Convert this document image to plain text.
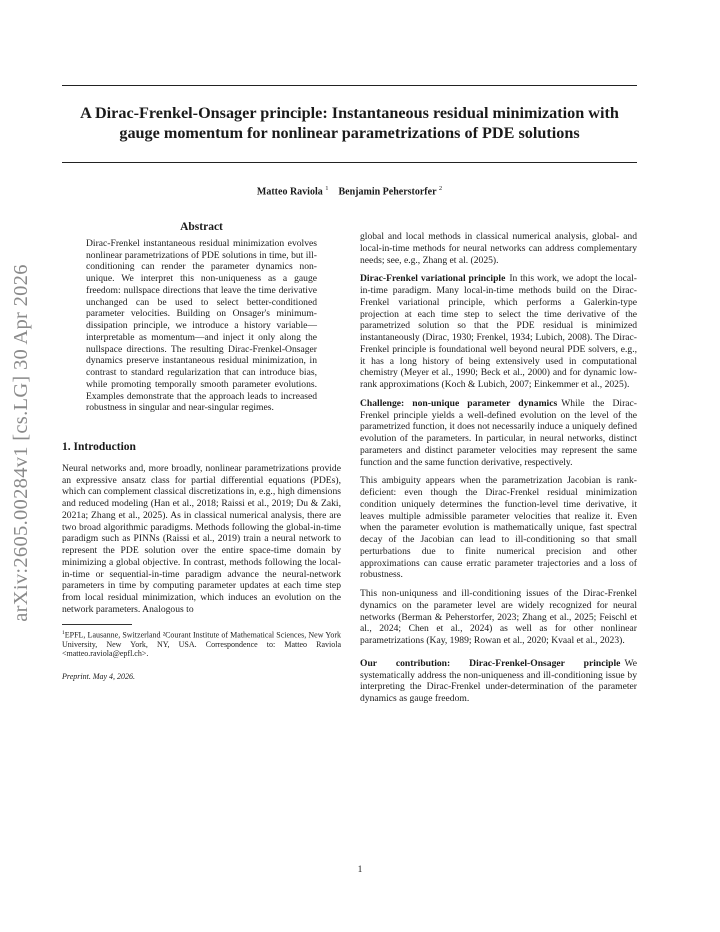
A Dirac-Frenkel-Onsager principle: Instantaneous residual minimization with gauge momentum for nonlinear parametrizations of PDE solutions
Matteo Raviola $^1$ Benjamin Peherstorfer $^2$
arXiv:2605.00284v1 [cs.LG] 30 Apr 2026
Abstract

Dirac-Frenkel instantaneous residual minimization evolves nonlinear parametrizations of PDE solutions in time, but ill-conditioning can render the parameter dynamics non-unique. We interpret this non-uniqueness as a gauge freedom: nullspace directions that leave the time derivative unchanged can be used to select better-conditioned parameter velocities. Building on Onsager's minimum-dissipation principle, we introduce a history variable—interpretable as momentum—and inject it only along the nullspace directions. The resulting Dirac-Frenkel-Onsager dynamics preserve instantaneous residual minimization, in contrast to standard regularization that can introduce bias, while promoting temporally smooth parameter evolutions. Examples demonstrate that the approach leads to increased robustness in singular and near-singular regimes.

1. Introduction

Neural networks and, more broadly, nonlinear parametrizations provide an expressive ansatz class for partial differential equations (PDEs), which can complement classical discretizations in, e.g., high dimensions and reduced modeling (Han et al., 2018; Raissi et al., 2019; Du & Zaki, 2021a; Zhang et al., 2025). As in classical numerical analysis, there are two broad algorithmic paradigms. Methods following the global-in-time paradigm such as PINNs (Raissi et al., 2019) train a neural network to represent the PDE solution over the entire space-time domain by minimizing a global objective. In contrast, methods following the local-in-time or sequential-in-time paradigm advance the neural-network parameters in time by computing parameter updates at each time step from local residual minimization, which induces an evolution on the network parameters. Analogous to

$^1$EPFL, Lausanne, Switzerland ²Courant Institute of Mathematical Sciences, New York University, New York, NY, USA. Correspondence to: Matteo Raviola <matteo.raviola@epfl.ch>.
Preprint. May 4, 2026.

global and local methods in classical numerical analysis, global- and local-in-time methods for neural networks can address complementary needs; see, e.g., Zhang et al. (2025).

Dirac-Frenkel variational principle In this work, we adopt the local-in-time paradigm. Many local-in-time methods build on the Dirac-Frenkel variational principle, which performs a Galerkin-type projection at each time step to select the time derivative of the parametrized solution so that the PDE residual is minimized instantaneously (Dirac, 1930; Frenkel, 1934; Lubich, 2008). The Dirac-Frenkel principle is foundational well beyond neural PDE solvers, e.g., it has a long history of being extensively used in computational chemistry (Meyer et al., 1990; Beck et al., 2000) and for dynamic low-rank approximations (Koch & Lubich, 2007; Einkemmer et al., 2025).

Challenge: non-unique parameter dynamics While the Dirac-Frenkel principle yields a well-defined evolution on the level of the parametrized function, it does not necessarily induce a uniquely defined evolution of the parameters. In particular, in neural networks, distinct parameters and distinct parameter velocities may represent the same function and the same function derivative, respectively.

This ambiguity appears when the parametrization Jacobian is rank-deficient: even though the Dirac-Frenkel residual minimization condition uniquely determines the function-level time derivative, it leaves multiple admissible parameter velocities that realize it. Even when the parameter evolution is mathematically unique, fast spectral decay of the Jacobian can lead to ill-conditioning so that small perturbations due to finite numerical precision and other approximations can cause erratic parameter trajectories and a loss of robustness.

This non-uniquness and ill-conditioning issues of the Dirac-Frenkel dynamics on the parameter level are widely recognized for neural networks (Berman & Peherstorfer, 2023; Zhang et al., 2025; Feischl et al., 2024; Chen et al., 2024) as well as for other nonlinear parametrizations (Kay, 1989; Rowan et al., 2020; Kvaal et al., 2023).

Our contribution: Dirac-Frenkel-Onsager principle We systematically address the non-uniqueness and ill-conditioning issue by interpreting the Dirac-Frenkel under-determination of the parameter dynamics as gauge freedom.

1
